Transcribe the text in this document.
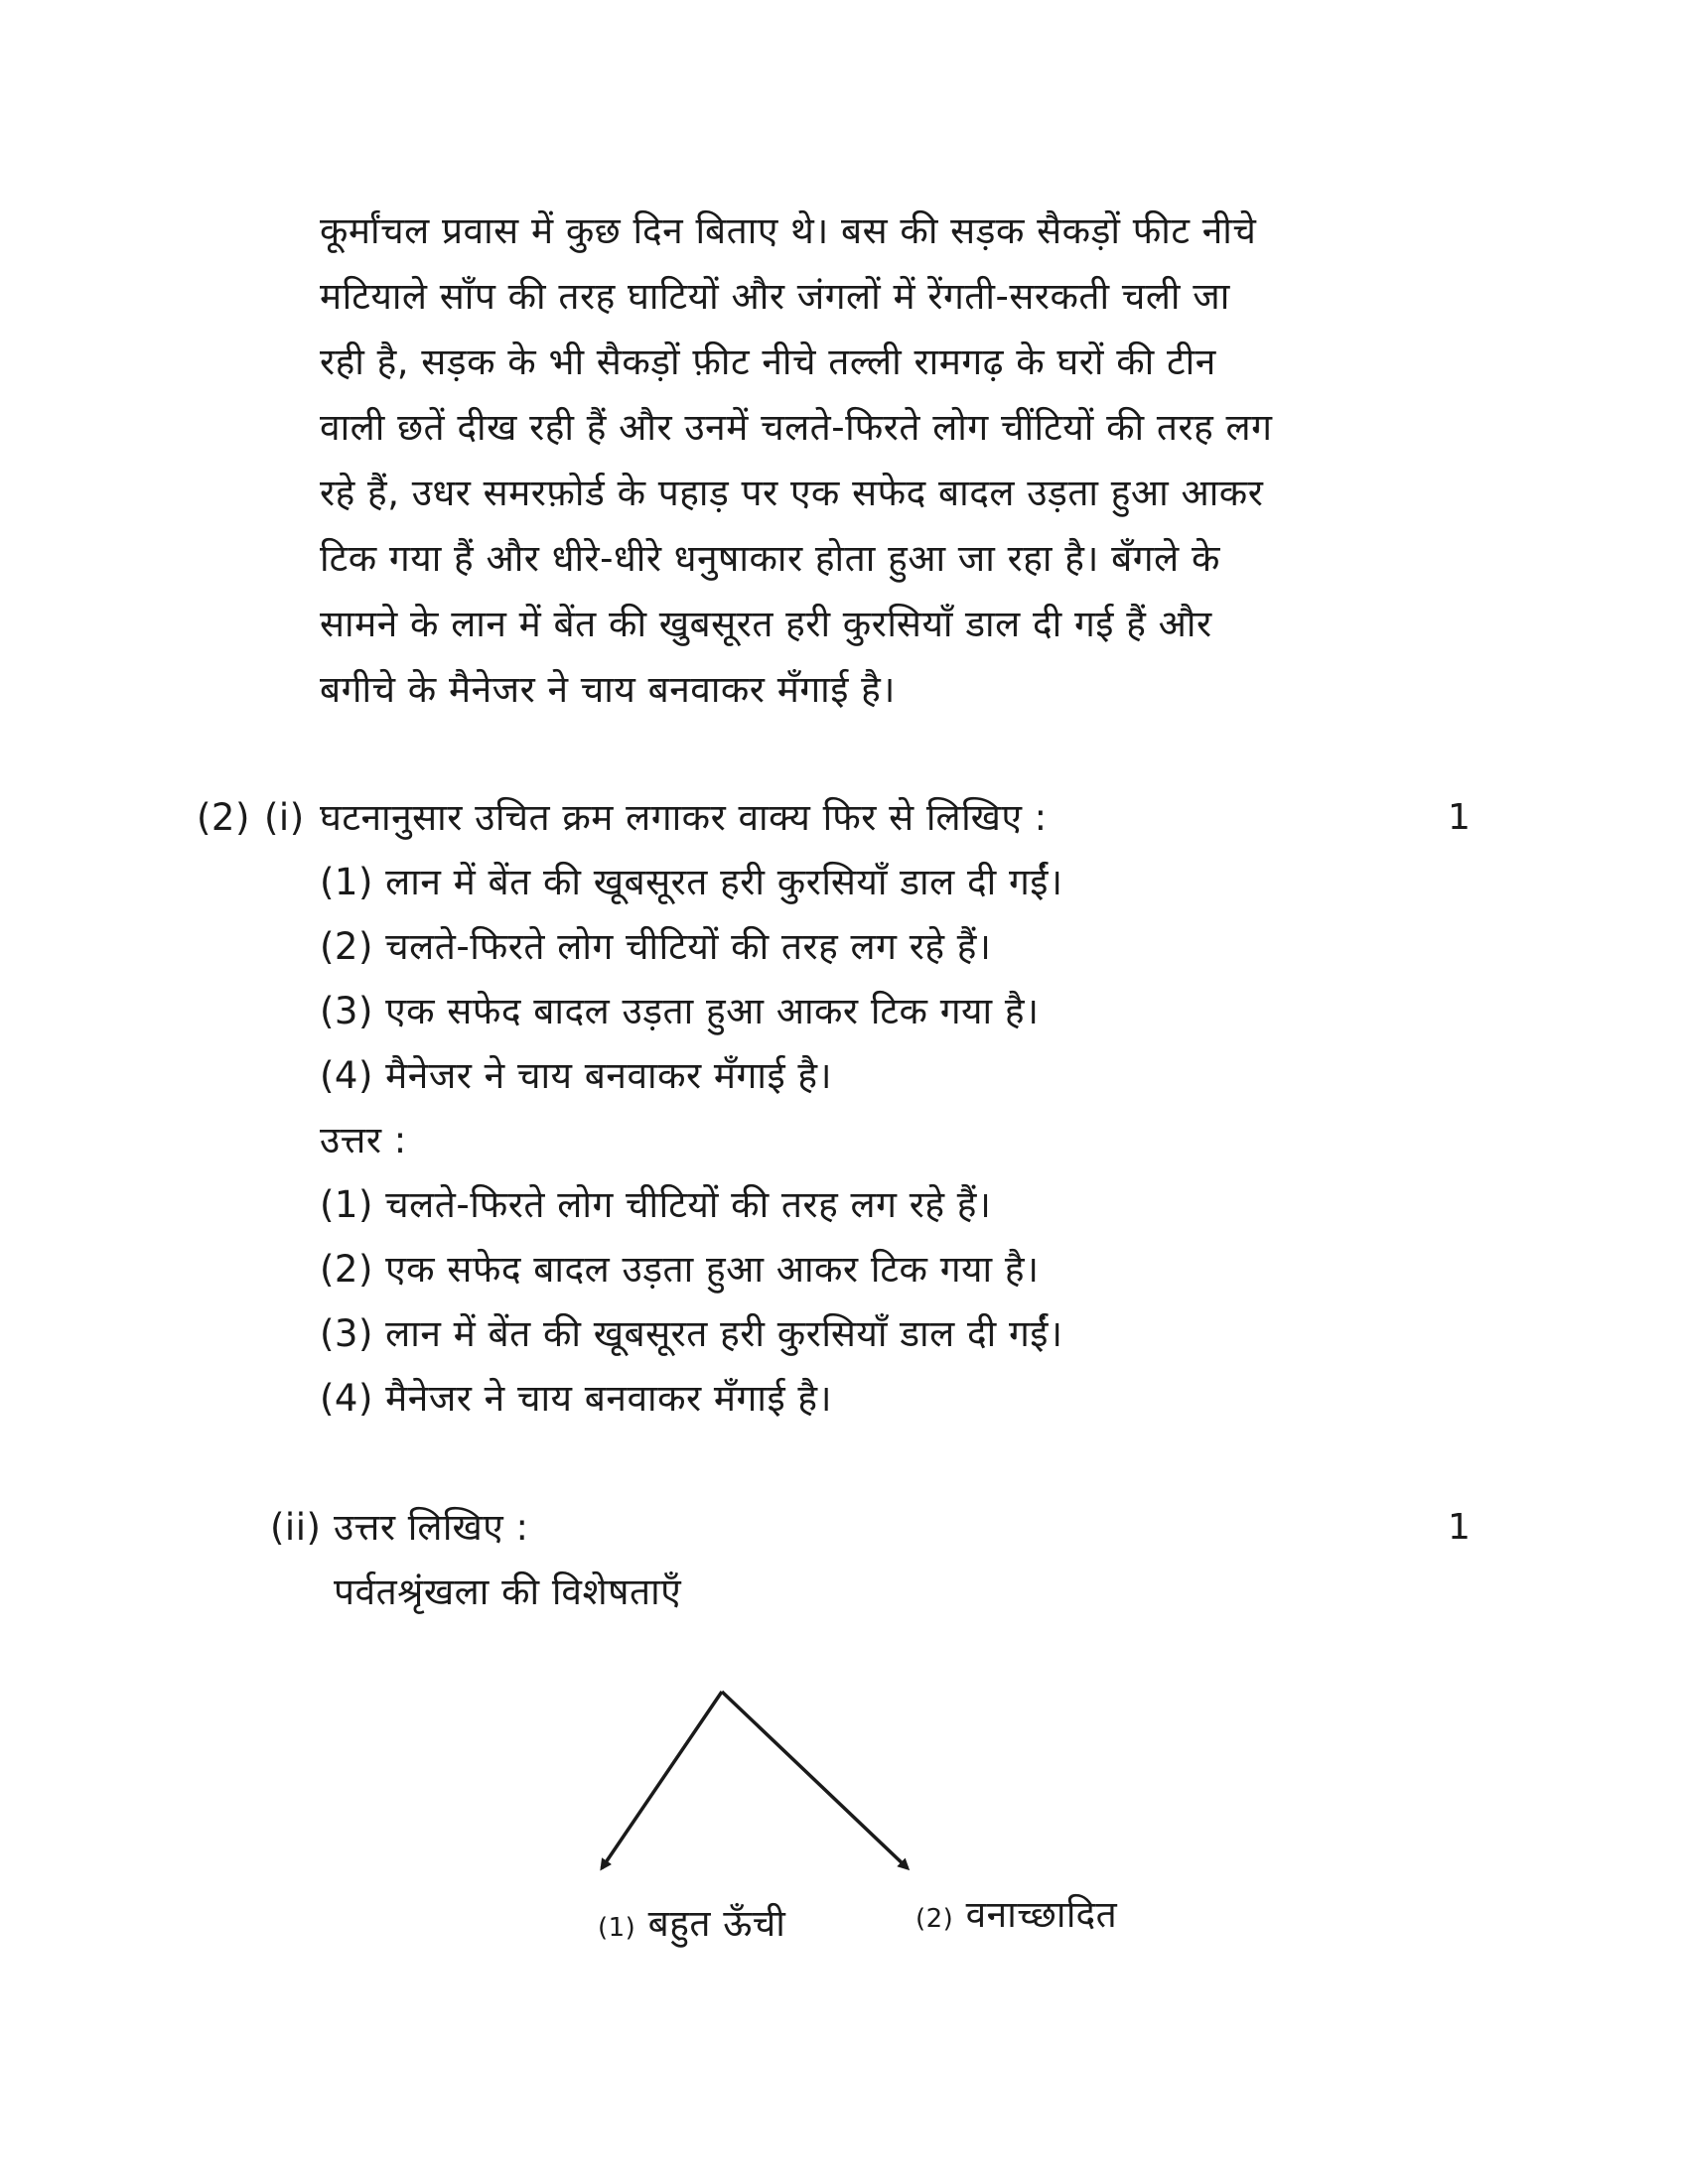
कूर्मांचल प्रवास में कुछ दिन बिताए थे। बस की सड़क सैकड़ों फीट नीचे
मटियाले साँप की तरह घाटियों और जंगलों में रेंगती-सरकती चली जा
रही है, सड़क के भी सैकड़ों फ़ीट नीचे तल्ली रामगढ़ के घरों की टीन
वाली छतें दीख रही हैं और उनमें चलते-फिरते लोग चींटियों की तरह लग
रहे हैं, उधर समरफ़ोर्ड के पहाड़ पर एक सफेद बादल उड़ता हुआ आकर
टिक गया हैं और धीरे-धीरे धनुषाकार होता हुआ जा रहा है। बँगले के
सामने के लान में बेंत की खुबसूरत हरी कुरसियाँ डाल दी गई हैं और
बगीचे के मैनेजर ने चाय बनवाकर मँगाई है।
(2) (i) घटनानुसार उचित क्रम लगाकर वाक्य फिर से लिखिए :	1
(1) लान में बेंत की खूबसूरत हरी कुरसियाँ डाल दी गईं।
(2) चलते-फिरते लोग चीटियों की तरह लग रहे हैं।
(3) एक सफेद बादल उड़ता हुआ आकर टिक गया है।
(4) मैनेजर ने चाय बनवाकर मँगाई है।
उत्तर :
(1) चलते-फिरते लोग चीटियों की तरह लग रहे हैं।
(2) एक सफेद बादल उड़ता हुआ आकर टिक गया है।
(3) लान में बेंत की खूबसूरत हरी कुरसियाँ डाल दी गईं।
(4) मैनेजर ने चाय बनवाकर मँगाई है।
(ii) उत्तर लिखिए :	1
पर्वतश्रृंखला की विशेषताएँ
(1) बहुत ऊँची	(2) वनाच्छादित
